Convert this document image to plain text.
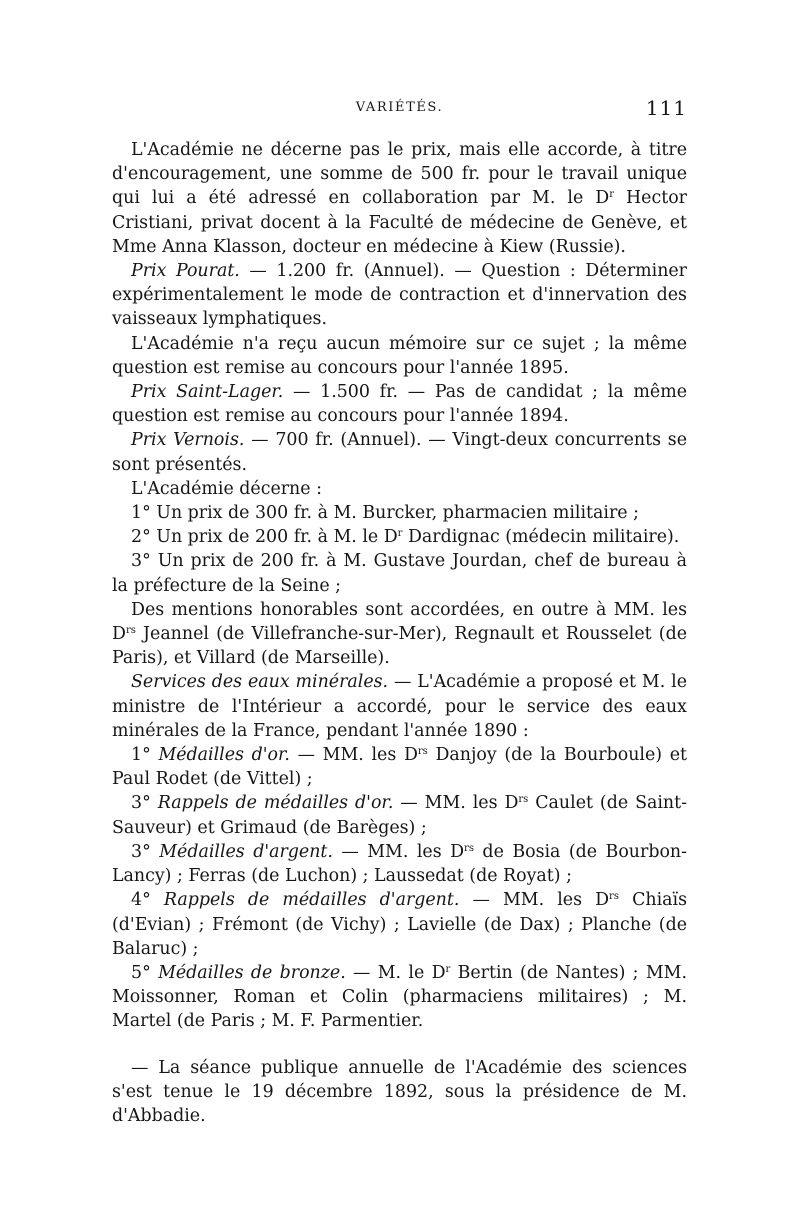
VARIÉTÉS.	111

L'Académie ne décerne pas le prix, mais elle accorde, à titre d'encouragement, une somme de 500 fr. pour le travail unique qui lui a été adressé en collaboration par M. le $D^r$ Hector Cristiani, privat docent à la Faculté de médecine de Genève, et Mme Anna Klasson, docteur en médecine à Kiew (Russie).

Prix Pourat. — 1.200 fr. (Annuel). — Question : Déterminer expérimentalement le mode de contraction et d'innervation des vaisseaux lymphatiques.

L'Académie n'a reçu aucun mémoire sur ce sujet ; la même question est remise au concours pour l'année 1895.

Prix Saint-Lager. — 1.500 fr. — Pas de candidat ; la même question est remise au concours pour l'année 1894.

Prix Vernois. — 700 fr. (Annuel). — Vingt-deux concurrents se sont présentés.

L'Académie décerne :

1° Un prix de 300 fr. à M. Burcker, pharmacien militaire ;

2° Un prix de 200 fr. à M. le $D^r$ Dardignac (médecin militaire).

3° Un prix de 200 fr. à M. Gustave Jourdan, chef de bureau à la préfecture de la Seine ;

Des mentions honorables sont accordées, en outre à MM. les $D^{rs}$ Jeannel (de Villefranche-sur-Mer), Regnault et Rousselet (de Paris), et Villard (de Marseille).

Services des eaux minérales. — L'Académie a proposé et M. le ministre de l'Intérieur a accordé, pour le service des eaux minérales de la France, pendant l'année 1890 :

1° Médailles d'or. — MM. les $D^{rs}$ Danjoy (de la Bourboule) et Paul Rodet (de Vittel) ;

3° Rappels de médailles d'or. — MM. les $D^{rs}$ Caulet (de Saint-Sauveur) et Grimaud (de Barèges) ;

3° Médailles d'argent. — MM. les $D^{rs}$ de Bosia (de Bourbon-Lancy) ; Ferras (de Luchon) ; Laussedat (de Royat) ;

4° Rappels de médailles d'argent. — MM. les $D^{rs}$ Chiaïs (d'Evian) ; Frémont (de Vichy) ; Lavielle (de Dax) ; Planche (de Balaruc) ;

5° Médailles de bronze. — M. le $D^r$ Bertin (de Nantes) ; MM. Moissonner, Roman et Colin (pharmaciens militaires) ; M. Martel (de Paris ; M. F. Parmentier.

— La séance publique annuelle de l'Académie des sciences s'est tenue le 19 décembre 1892, sous la présidence de M. d'Abbadie.
